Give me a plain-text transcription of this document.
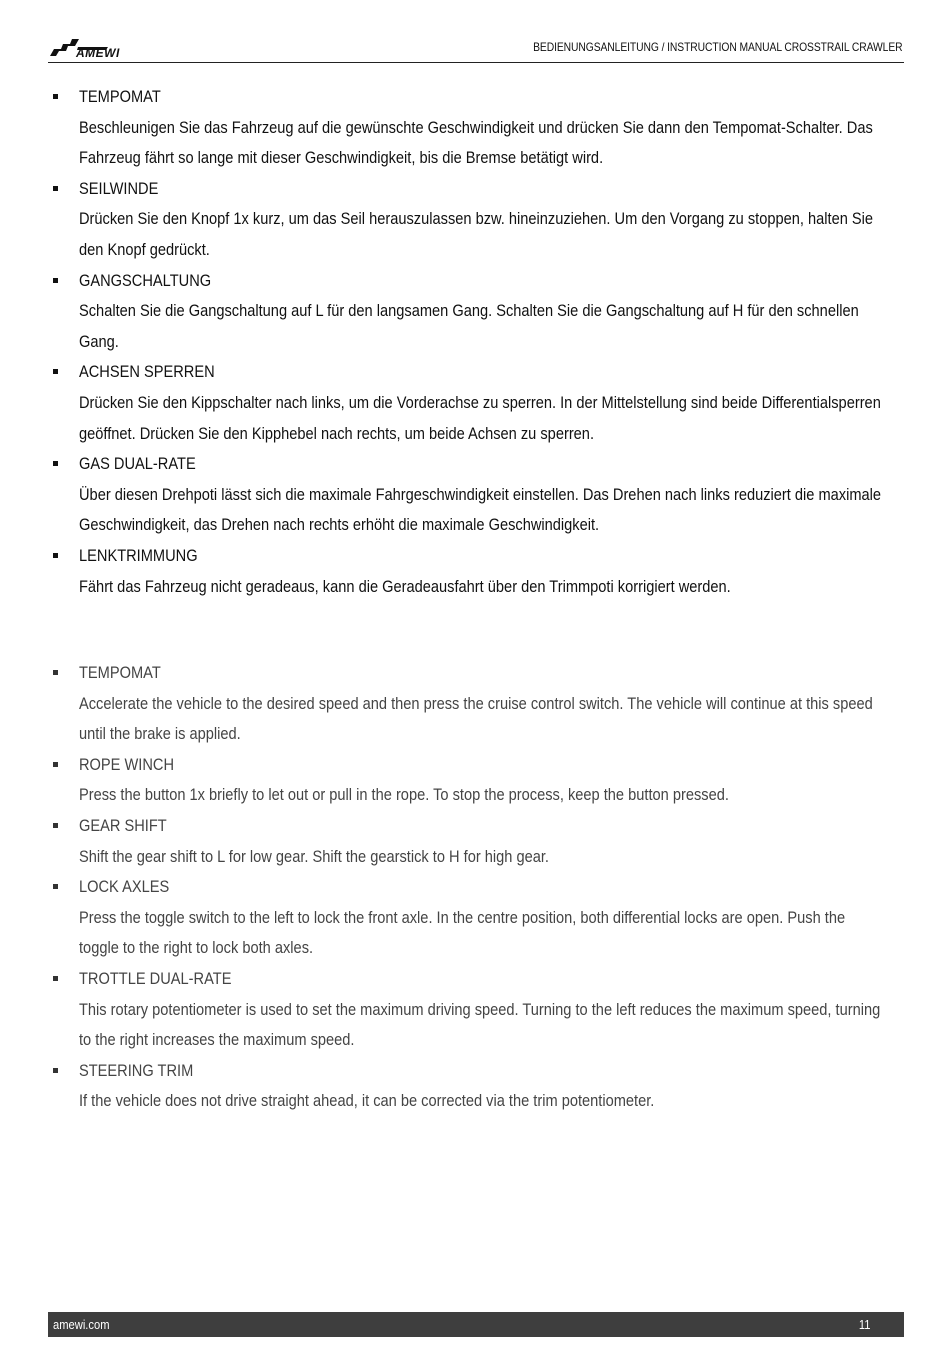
AMEWI	BEDIENUNGSANLEITUNG / INSTRUCTION MANUAL CROSSTRAIL CRAWLER
TEMPOMAT
Beschleunigen Sie das Fahrzeug auf die gewünschte Geschwindigkeit und drücken Sie dann den Tempomat-Schalter. Das Fahrzeug fährt so lange mit dieser Geschwindigkeit, bis die Bremse betätigt wird.
SEILWINDE
Drücken Sie den Knopf 1x kurz, um das Seil herauszulassen bzw. hineinzuziehen. Um den Vorgang zu stoppen, halten Sie den Knopf gedrückt.
GANGSCHALTUNG
Schalten Sie die Gangschaltung auf L für den langsamen Gang. Schalten Sie die Gangschaltung auf H für den schnellen Gang.
ACHSEN SPERREN
Drücken Sie den Kippschalter nach links, um die Vorderachse zu sperren. In der Mittelstellung sind beide Differentialsperren geöffnet. Drücken Sie den Kipphebel nach rechts, um beide Achsen zu sperren.
GAS DUAL-RATE
Über diesen Drehpoti lässt sich die maximale Fahrgeschwindigkeit einstellen. Das Drehen nach links reduziert die maximale Geschwindigkeit, das Drehen nach rechts erhöht die maximale Geschwindigkeit.
LENKTRIMMUNG
Fährt das Fahrzeug nicht geradeaus, kann die Geradeausfahrt über den Trimmpoti korrigiert werden.
TEMPOMAT
Accelerate the vehicle to the desired speed and then press the cruise control switch. The vehicle will continue at this speed until the brake is applied.
ROPE WINCH
Press the button 1x briefly to let out or pull in the rope. To stop the process, keep the button pressed.
GEAR SHIFT
Shift the gear shift to L for low gear. Shift the gearstick to H for high gear.
LOCK AXLES
Press the toggle switch to the left to lock the front axle. In the centre position, both differential locks are open. Push the toggle to the right to lock both axles.
TROTTLE DUAL-RATE
This rotary potentiometer is used to set the maximum driving speed. Turning to the left reduces the maximum speed, turning to the right increases the maximum speed.
STEERING TRIM
If the vehicle does not drive straight ahead, it can be corrected via the trim potentiometer.
amewi.com	11
